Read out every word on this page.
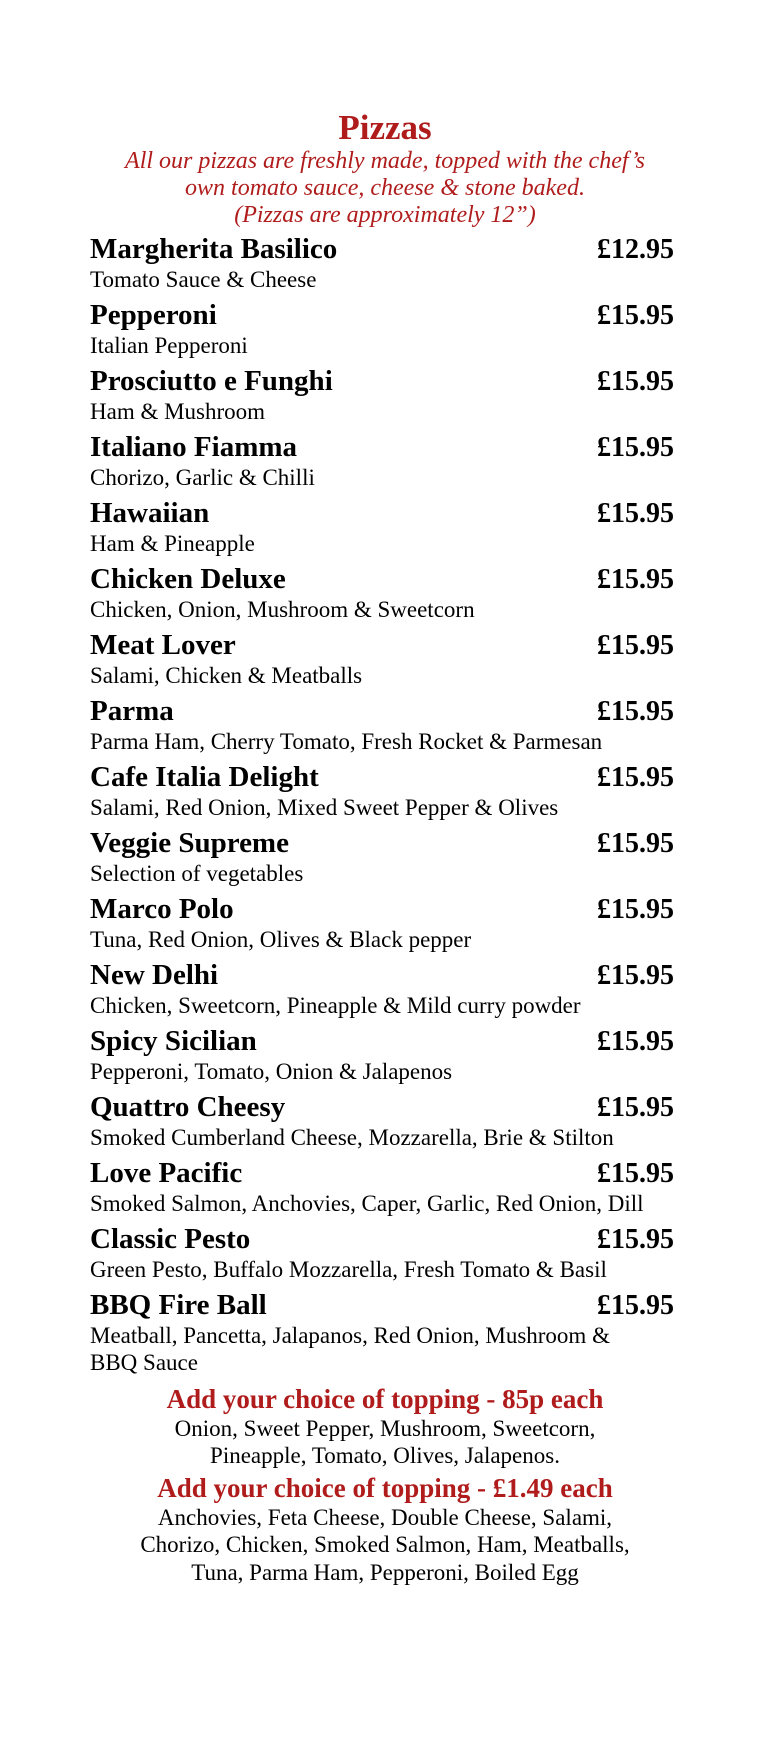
Pizzas
All our pizzas are freshly made, topped with the chef’s
own tomato sauce, cheese & stone baked.
(Pizzas are approximately 12”)
Margherita Basilico	£12.95
Tomato Sauce & Cheese
Pepperoni	£15.95
Italian Pepperoni
Prosciutto e Funghi	£15.95
Ham & Mushroom
Italiano Fiamma	£15.95
Chorizo, Garlic & Chilli
Hawaiian	£15.95
Ham & Pineapple
Chicken Deluxe	£15.95
Chicken, Onion, Mushroom & Sweetcorn
Meat Lover	£15.95
Salami, Chicken & Meatballs
Parma	£15.95
Parma Ham, Cherry Tomato, Fresh Rocket & Parmesan
Cafe Italia Delight	£15.95
Salami, Red Onion, Mixed Sweet Pepper & Olives
Veggie Supreme	£15.95
Selection of vegetables
Marco Polo	£15.95
Tuna, Red Onion, Olives & Black pepper
New Delhi	£15.95
Chicken, Sweetcorn, Pineapple & Mild curry powder
Spicy Sicilian	£15.95
Pepperoni, Tomato, Onion & Jalapenos
Quattro Cheesy	£15.95
Smoked Cumberland Cheese, Mozzarella, Brie & Stilton
Love Pacific	£15.95
Smoked Salmon, Anchovies, Caper, Garlic, Red Onion, Dill
Classic Pesto	£15.95
Green Pesto, Buffalo Mozzarella, Fresh Tomato & Basil
BBQ Fire Ball	£15.95
Meatball, Pancetta, Jalapanos, Red Onion, Mushroom & BBQ Sauce
Add your choice of topping - 85p each
Onion, Sweet Pepper, Mushroom, Sweetcorn,
Pineapple, Tomato, Olives, Jalapenos.
Add your choice of topping - £1.49 each
Anchovies, Feta Cheese, Double Cheese, Salami,
Chorizo, Chicken, Smoked Salmon, Ham, Meatballs,
Tuna, Parma Ham, Pepperoni, Boiled Egg
